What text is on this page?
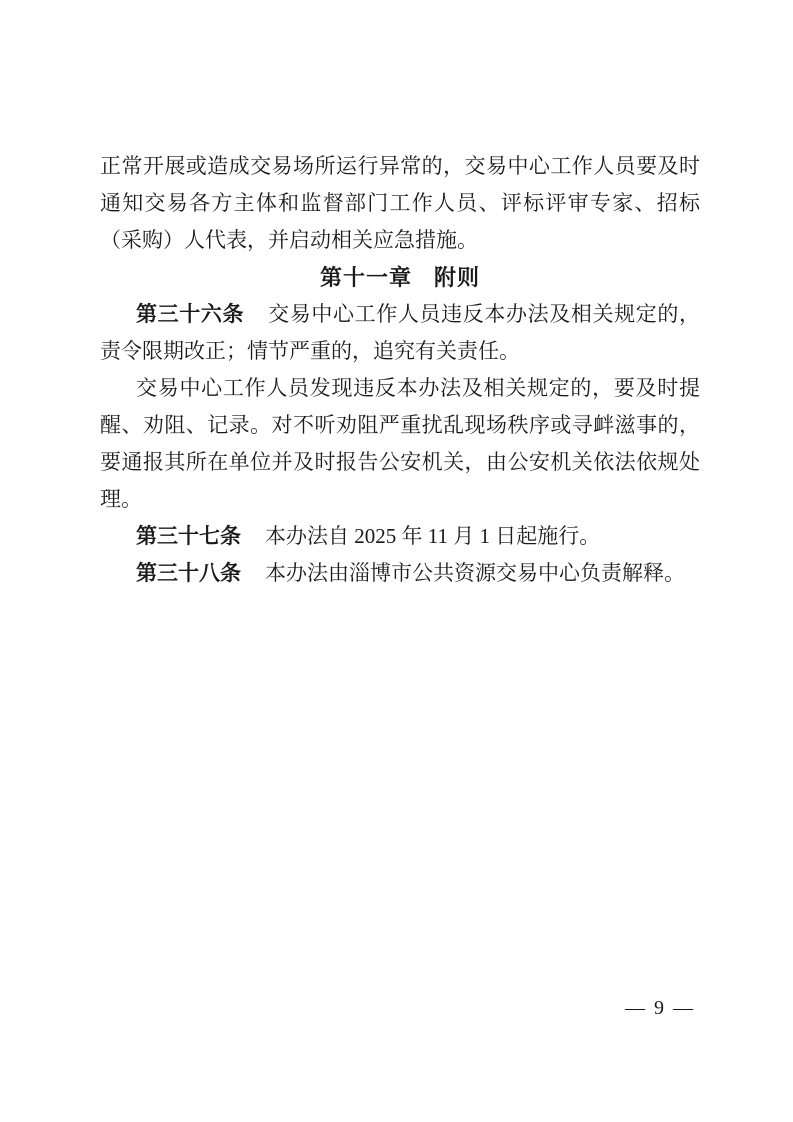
正常开展或造成交易场所运行异常的，交易中心工作人员要及时通知交易各方主体和监督部门工作人员、评标评审专家、招标（采购）人代表，并启动相关应急措施。

第十一章 附则

第三十六条 交易中心工作人员违反本办法及相关规定的，责令限期改正；情节严重的，追究有关责任。

交易中心工作人员发现违反本办法及相关规定的，要及时提醒、劝阻、记录。对不听劝阻严重扰乱现场秩序或寻衅滋事的，要通报其所在单位并及时报告公安机关，由公安机关依法依规处理。

第三十七条 本办法自 2025 年 11 月 1 日起施行。

第三十八条 本办法由淄博市公共资源交易中心负责解释。

— 9 —
